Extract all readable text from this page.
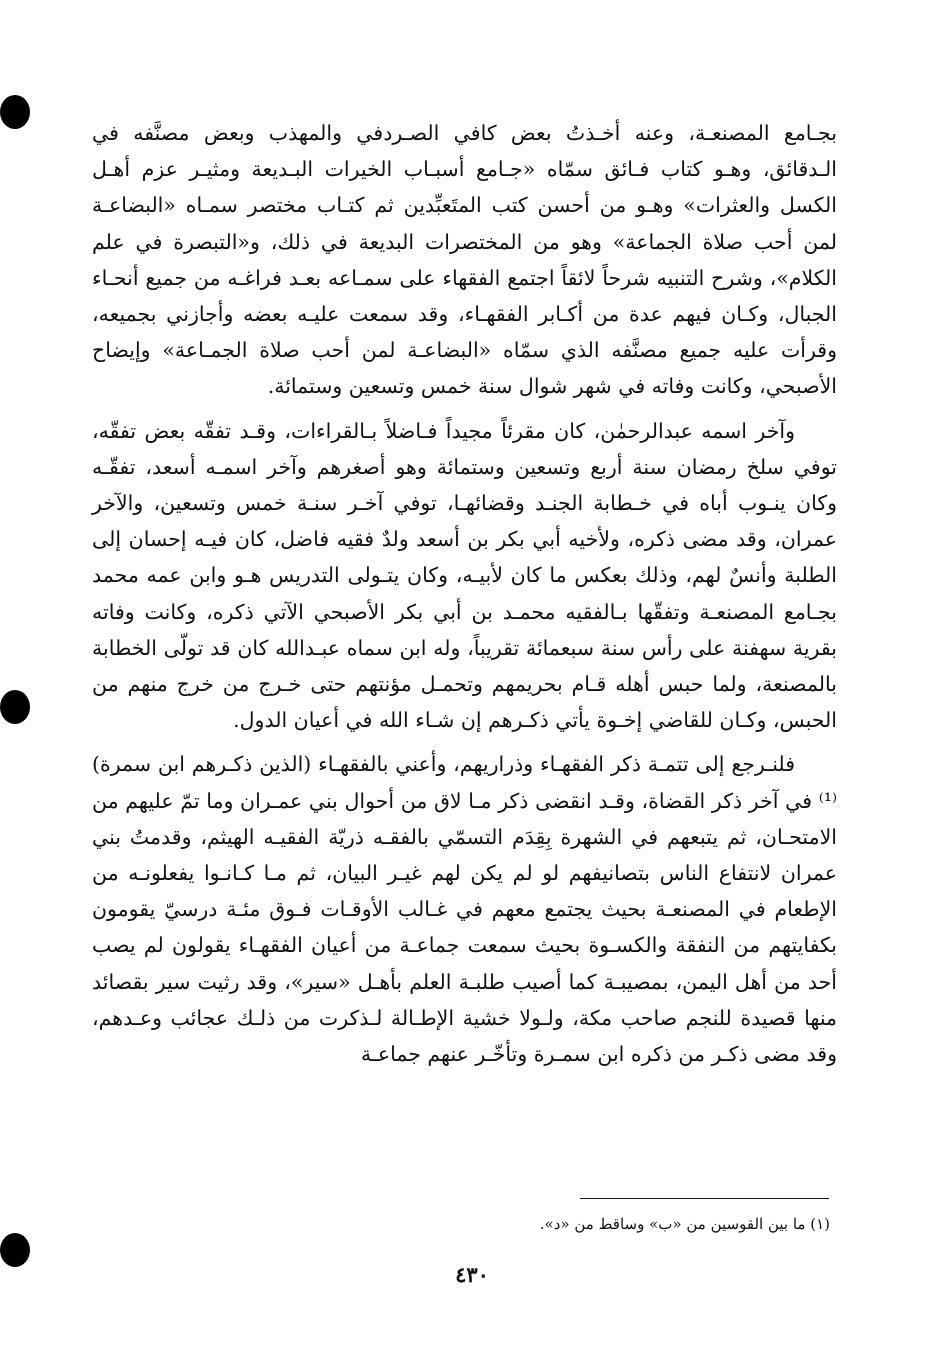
بجـامع المصنعـة، وعنه أخـذتُ بعض كافي الصـردفي والمهذب وبعض مصنَّفه في الـدقائق، وهـو كتاب فـائق سمّاه «جـامع أسبـاب الخيرات البـديعة ومثيـر عزم أهـل الكسل والعثرات» وهـو من أحسن كتب المتَعبِّدين ثم كتـاب مختصر سمـاه «البضاعـة لمن أحب صلاة الجماعة» وهو من المختصرات البديعة في ذلك، و«التبصرة في علم الكلام»، وشرح التنبيه شرحاً لائقاً اجتمع الفقهاء على سمـاعه بعـد فراغـه من جميع أنحـاء الجبال، وكـان فيهم عدة من أكـابر الفقهـاء، وقد سمعت عليـه بعضه وأجازني بجميعه، وقرأت عليه جميع مصنَّفه الذي سمّاه «البضاعـة لمن أحب صلاة الجمـاعة» وإيضاح الأصبحي، وكانت وفاته في شهر شوال سنة خمس وتسعين وستمائة.

وآخر اسمه عبدالرحمٰن، كان مقرئاً مجيداً فـاضلاً بـالقراءات، وقـد تفقّه بعض تفقّه، توفي سلخ رمضان سنة أربع وتسعين وستمائة وهو أصغرهم وآخر اسمـه أسعد، تفقّـه وكان ينـوب أباه في خـطابة الجنـد وقضائهـا، توفي آخـر سنـة خمس وتسعين، والآخر عمران، وقد مضى ذكره، ولأخيه أبي بكر بن أسعد ولدٌ فقيه فاضل، كان فيـه إحسان إلى الطلبة وأنسٌ لهم، وذلك بعكس ما كان لأبيـه، وكان يتـولى التدريس هـو وابن عمه محمد بجـامع المصنعـة وتفقّها بـالفقيه محمـد بن أبي بكر الأصبحي الآتي ذكره، وكانت وفاته بقرية سهفنة على رأس سنة سبعمائة تقريباً، وله ابن سماه عبـدالله كان قد تولّى الخطابة بالمصنعة، ولما حبس أهله قـام بحريمهم وتحمـل مؤنتهم حتى خـرج من خرج منهم من الحبس، وكـان للقاضي إخـوة يأتي ذكـرهم إن شـاء الله في أعيان الدول.

فلنـرجع إلى تتمـة ذكر الفقهـاء وذراريهم، وأعني بالفقهـاء (الذين ذكـرهم ابن سمرة)⁽¹⁾ في آخر ذكر القضاة، وقـد انقضى ذكر مـا لاق من أحوال بني عمـران وما تمّ عليهم من الامتحـان، ثم يتبعهم في الشهرة بِقِدَم التسمّي بالفقـه ذريّة الفقيـه الهيثم، وقدمتُ بني عمران لانتفاع الناس بتصانيفهم لو لم يكن لهم غيـر البيان، ثم مـا كـانـوا يفعلونـه من الإطعام في المصنعـة بحيث يجتمع معهم في غـالب الأوقـات فـوق مئـة درسيّ يقومون بكفايتهم من النفقة والكسـوة بحيث سمعت جماعـة من أعيان الفقهـاء يقولون لم يصب أحد من أهل اليمن، بمصيبـة كما أصيب طلبـة العلم بأهـل «سير»، وقد رثيت سير بقصائد منها قصيدة للنجم صاحب مكة، ولـولا خشية الإطـالة لـذكرت من ذلـك عجائب وعـدهم، وقد مضى ذكـر من ذكره ابن سمـرة وتأخّـر عنهم جماعـة

(١) ما بين القوسين من «ب» وساقط من «د».
٤٣٠
